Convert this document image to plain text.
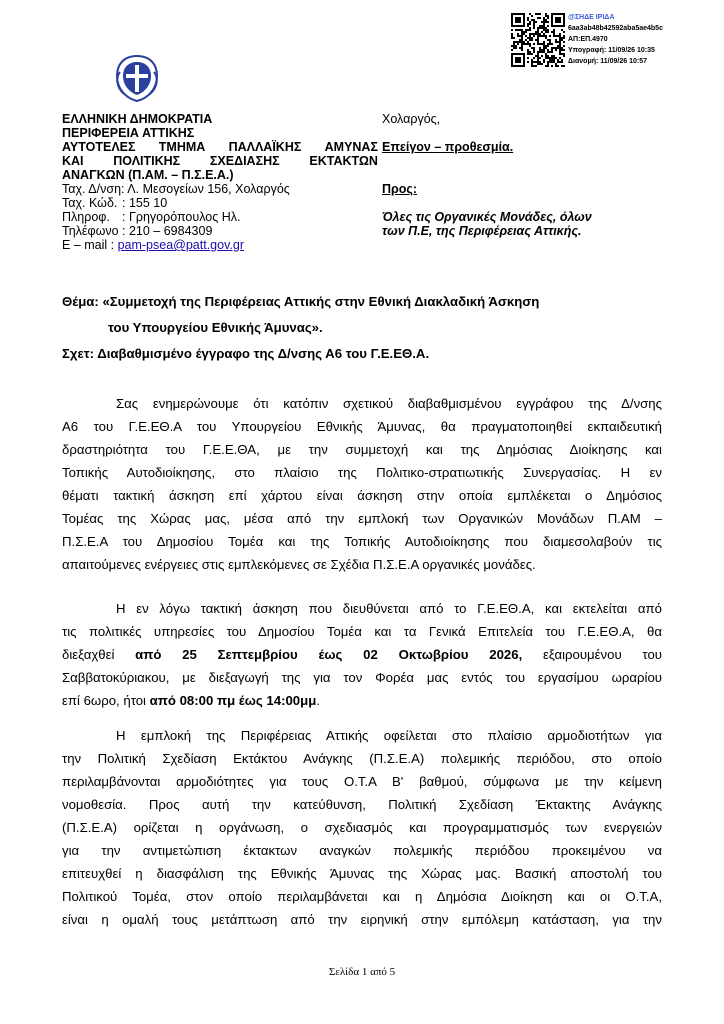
@ΣΗΔΕ ΙΡΙΔΑ
6aa3ab48b42592aba5ae4b5c
ΑΠ:ΕΠ.4970
Υπογραφή: 11/09/26 10:35
Διανομή: 11/09/26 10:57
ΕΛΛΗΝΙΚΗ ΔΗΜΟΚΡΑΤΙΑ
ΠΕΡΙΦΕΡΕΙΑ ΑΤΤΙΚΗΣ
ΑΥΤΟΤΕΛΕΣ ΤΜΗΜΑ ΠΑΛΛΑΪΚΗΣ ΑΜΥΝΑΣ
ΚΑΙ ΠΟΛΙΤΙΚΗΣ ΣΧΕΔΙΑΣΗΣ ΕΚΤΑΚΤΩΝ
ΑΝΑΓΚΩΝ (Π.ΑΜ. – Π.Σ.Ε.Α.)
Ταχ. Δ/νση: Λ. Μεσογείων 156, Χολαργός
Ταχ. Κώδ. : 155 10
Πληροφ. : Γρηγορόπουλος Ηλ.
Τηλέφωνο : 210 – 6984309
E – mail : pam-psea@patt.gov.gr
Χολαργός,
Επείγον – προθεσμία.
Προς:
Όλες τις Οργανικές Μονάδες, όλων
των Π.Ε, της Περιφέρειας Αττικής.
Θέμα: «Συμμετοχή της Περιφέρειας Αττικής στην Εθνική Διακλαδική Άσκηση
του Υπουργείου Εθνικής Άμυνας».
Σχετ: Διαβαθμισμένο έγγραφο της Δ/νσης Α6 του Γ.Ε.ΕΘ.Α.
Σας ενημερώνουμε ότι κατόπιν σχετικού διαβαθμισμένου εγγράφου της Δ/νσης
Α6 του Γ.Ε.ΕΘ.Α του Υπουργείου Εθνικής Άμυνας, θα πραγματοποιηθεί εκπαιδευτική
δραστηριότητα του Γ.Ε.Ε.ΘΑ, με την συμμετοχή και της Δημόσιας Διοίκησης και
Τοπικής Αυτοδιοίκησης, στο πλαίσιο της Πολιτικο-στρατιωτικής Συνεργασίας. Η εν
θέματι τακτική άσκηση επί χάρτου είναι άσκηση στην οποία εμπλέκεται ο Δημόσιος
Τομέας της Χώρας μας, μέσα από την εμπλοκή των Οργανικών Μονάδων Π.ΑΜ –
Π.Σ.Ε.Α του Δημοσίου Τομέα και της Τοπικής Αυτοδιοίκησης που διαμεσολαβούν τις
απαιτούμενες ενέργειες στις εμπλεκόμενες σε Σχέδια Π.Σ.Ε.Α οργανικές μονάδες.
Η εν λόγω τακτική άσκηση που διευθύνεται από το Γ.Ε.ΕΘ.Α, και εκτελείται από
τις πολιτικές υπηρεσίες του Δημοσίου Τομέα και τα Γενικά Επιτελεία του Γ.Ε.ΕΘ.Α, θα
διεξαχθεί από 25 Σεπτεμβρίου έως 02 Οκτωβρίου 2026, εξαιρουμένου του
Σαββατοκύριακου, με διεξαγωγή της για τον Φορέα μας εντός του εργασίμου ωραρίου
επί 6ωρο, ήτοι από 08:00 πμ έως 14:00μμ.
Η εμπλοκή της Περιφέρειας Αττικής οφείλεται στο πλαίσιο αρμοδιοτήτων για
την Πολιτική Σχεδίαση Εκτάκτου Ανάγκης (Π.Σ.Ε.Α) πολεμικής περιόδου, στο οποίο
περιλαμβάνονται αρμοδιότητες για τους Ο.Τ.Α Β' βαθμού, σύμφωνα με την κείμενη
νομοθεσία. Προς αυτή την κατεύθυνση, Πολιτική Σχεδίαση Έκτακτης Ανάγκης
(Π.Σ.Ε.Α) ορίζεται η οργάνωση, ο σχεδιασμός και προγραμματισμός των ενεργειών
για την αντιμετώπιση έκτακτων αναγκών πολεμικής περιόδου προκειμένου να
επιτευχθεί η διασφάλιση της Εθνικής Άμυνας της Χώρας μας. Βασική αποστολή του
Πολιτικού Τομέα, στον οποίο περιλαμβάνεται και η Δημόσια Διοίκηση και οι Ο.Τ.Α,
είναι η ομαλή τους μετάπτωση από την ειρηνική στην εμπόλεμη κατάσταση, για την
Σελίδα 1 από 5
